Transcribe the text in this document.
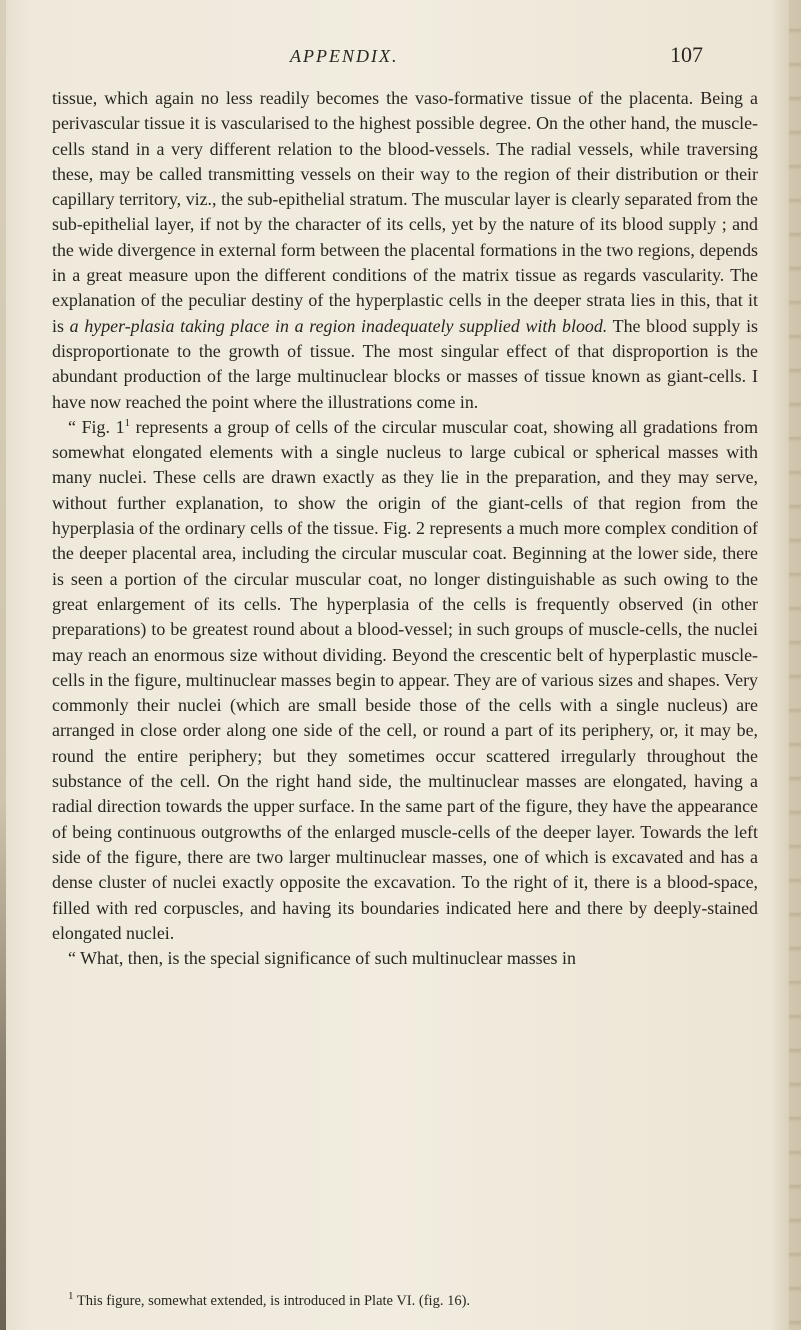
APPENDIX.	107

tissue, which again no less readily becomes the vaso-formative tissue of the placenta. Being a perivascular tissue it is vascularised to the highest possible degree. On the other hand, the muscle-cells stand in a very different relation to the blood-vessels. The radial vessels, while traversing these, may be called transmitting vessels on their way to the region of their distribution or their capillary territory, viz., the sub-epithelial stratum. The muscular layer is clearly separated from the sub-epithelial layer, if not by the character of its cells, yet by the nature of its blood supply ; and the wide divergence in external form between the placental formations in the two regions, depends in a great measure upon the different conditions of the matrix tissue as regards vascularity. The explanation of the peculiar destiny of the hyperplastic cells in the deeper strata lies in this, that it is a hyper-plasia taking place in a region inadequately supplied with blood. The blood supply is disproportionate to the growth of tissue. The most singular effect of that disproportion is the abundant production of the large multinuclear blocks or masses of tissue known as giant-cells. I have now reached the point where the illustrations come in.

“ Fig. $1^1$ represents a group of cells of the circular muscular coat, showing all gradations from somewhat elongated elements with a single nucleus to large cubical or spherical masses with many nuclei. These cells are drawn exactly as they lie in the preparation, and they may serve, without further explanation, to show the origin of the giant-cells of that region from the hyperplasia of the ordinary cells of the tissue. Fig. 2 represents a much more complex condition of the deeper placental area, including the circular muscular coat. Beginning at the lower side, there is seen a portion of the circular muscular coat, no longer distinguishable as such owing to the great enlargement of its cells. The hyperplasia of the cells is frequently observed (in other preparations) to be greatest round about a blood-vessel; in such groups of muscle-cells, the nuclei may reach an enormous size without dividing. Beyond the crescentic belt of hyperplastic muscle-cells in the figure, multinuclear masses begin to appear. They are of various sizes and shapes. Very commonly their nuclei (which are small beside those of the cells with a single nucleus) are arranged in close order along one side of the cell, or round a part of its periphery, or, it may be, round the entire periphery; but they sometimes occur scattered irregularly throughout the substance of the cell. On the right hand side, the multinuclear masses are elongated, having a radial direction towards the upper surface. In the same part of the figure, they have the appearance of being continuous outgrowths of the enlarged muscle-cells of the deeper layer. Towards the left side of the figure, there are two larger multinuclear masses, one of which is excavated and has a dense cluster of nuclei exactly opposite the excavation. To the right of it, there is a blood-space, filled with red corpuscles, and having its boundaries indicated here and there by deeply-stained elongated nuclei.

“ What, then, is the special significance of such multinuclear masses in

$^1$ This figure, somewhat extended, is introduced in Plate VI. (fig. 16).
